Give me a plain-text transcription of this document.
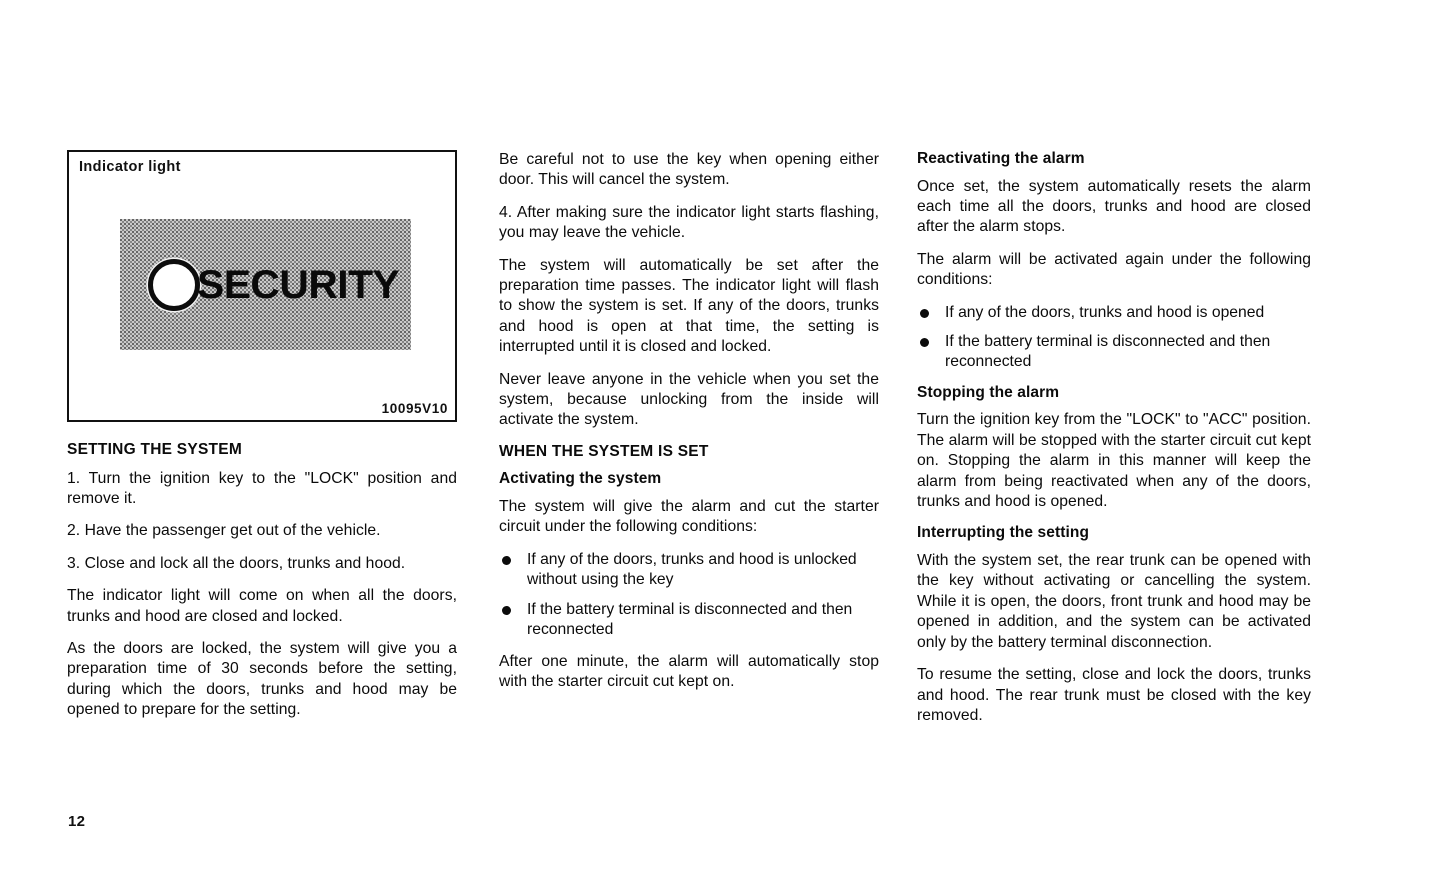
Indicator light
SECURITY
10095V10
SETTING THE SYSTEM

1. Turn the ignition key to the "LOCK" position and remove it.

2. Have the passenger get out of the vehicle.

3. Close and lock all the doors, trunks and hood.

The indicator light will come on when all the doors, trunks and hood are closed and locked.

As the doors are locked, the system will give you a preparation time of 30 seconds before the setting, during which the doors, trunks and hood may be opened to prepare for the setting.

Be careful not to use the key when opening either door. This will cancel the system.

4. After making sure the indicator light starts flashing, you may leave the vehicle.

The system will automatically be set after the preparation time passes. The indicator light will flash to show the system is set. If any of the doors, trunks and hood is open at that time, the setting is interrupted until it is closed and locked.

Never leave anyone in the vehicle when you set the system, because unlocking from the inside will activate the system.

WHEN THE SYSTEM IS SET
Activating the system

The system will give the alarm and cut the starter circuit under the following conditions:

If any of the doors, trunks and hood is unlocked without using the key
If the battery terminal is disconnected and then reconnected

After one minute, the alarm will automatically stop with the starter circuit cut kept on.

Reactivating the alarm

Once set, the system automatically resets the alarm each time all the doors, trunks and hood are closed after the alarm stops.

The alarm will be activated again under the following conditions:

If any of the doors, trunks and hood is opened
If the battery terminal is disconnected and then reconnected
Stopping the alarm

Turn the ignition key from the "LOCK" to "ACC" position. The alarm will be stopped with the starter circuit cut kept on. Stopping the alarm in this manner will keep the alarm from being reactivated when any of the doors, trunks and hood is opened.

Interrupting the setting

With the system set, the rear trunk can be opened with the key without activating or cancelling the system. While it is open, the doors, front trunk and hood may be opened in addition, and the system can be activated only by the battery terminal disconnection.

To resume the setting, close and lock the doors, trunks and hood. The rear trunk must be closed with the key removed.

12
